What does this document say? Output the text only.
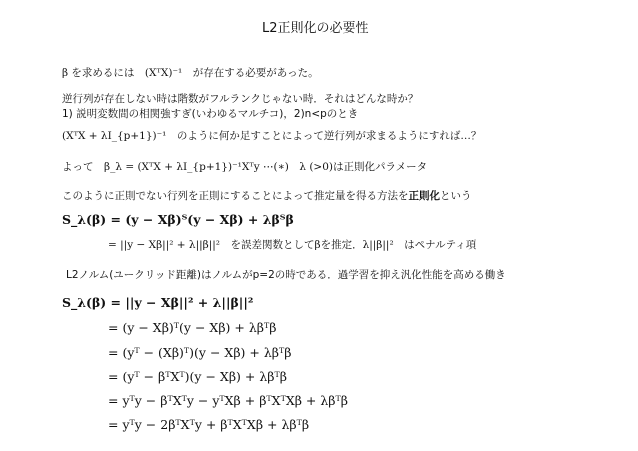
L2正則化の必要性
β を求めるには　(XᵀX)⁻¹　が存在する必要があった。
逆行列が存在しない時は階数がフルランクじゃない時．それはどんな時か？
1) 説明変数間の相関強すぎ(いわゆるマルチコ)，2)n<pのとき
(XᵀX + λI_{p+1})⁻¹　のように何か足すことによって逆行列が求まるようにすれば…？
よって　β_λ = (XᵀX + λI_{p+1})⁻¹Xᵀy ⋯(∗)　λ (>0)は正則化パラメータ
このように正則でない行列を正則にすることによって推定量を得る方法を正則化という
S_λ(β) = (y − Xβ)ᵀ(y − Xβ) + λβᵀβ
= ||y − Xβ||² + λ||β||²　を誤差関数としてβを推定．λ||β||²　はペナルティ項
L2ノルム(ユークリッド距離)はノルムがp=2の時である．過学習を抑え汎化性能を高める働き
S_λ(β) = ||y − Xβ||² + λ||β||²
= (y − Xβ)ᵀ(y − Xβ) + λβᵀβ
= (yᵀ − (Xβ)ᵀ)(y − Xβ) + λβᵀβ
= (yᵀ − βᵀXᵀ)(y − Xβ) + λβᵀβ
= yᵀy − βᵀXᵀy − yᵀXβ + βᵀXᵀXβ + λβᵀβ
= yᵀy − 2βᵀXᵀy + βᵀXᵀXβ + λβᵀβ
